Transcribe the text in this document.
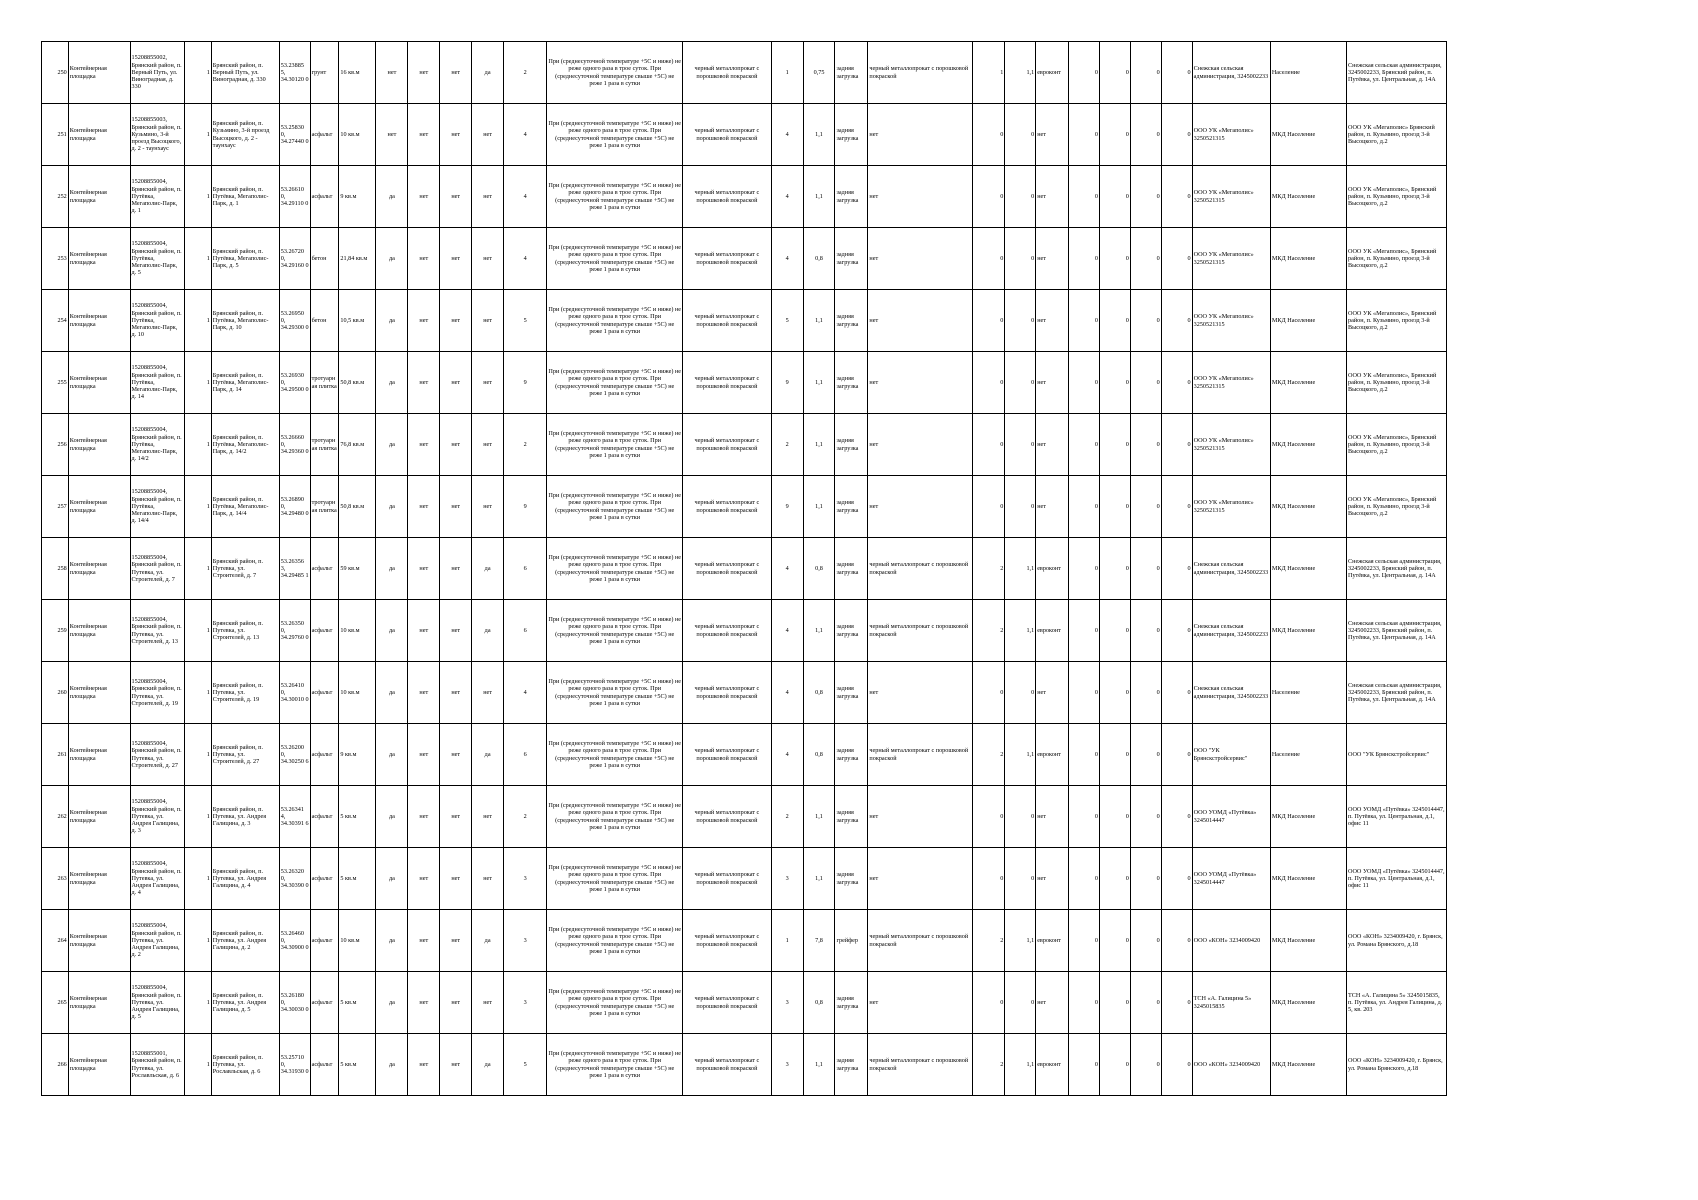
250	Контейнерная площадка	15208855002, Брянский район, п. Верный Путь, ул. Виноградная, д. 330	1	Брянский район, п. Верный Путь, ул. Виноградная, д. 330	53.23885 5, 34.30120 0	грунт	16 кв.м	нет	нет	нет	да	2	При (среднесуточной температуре +5С и ниже) не реже одного раза в трое суток. При (среднесуточной температуре свыше +5С) не реже 1 раза в сутки	черный металлопрокат с порошковой покраской	1	0,75	задняя загрузка	черный металлопрокат с порошковой покраской	1	1,1	евроконт	0	0	0	0	Снежская сельская администрация, 3245002233	Население	Снежская сельская администрация, 3245002233, Брянский район, п. Путёвка, ул. Центральная, д. 14А
251	Контейнерная площадка	15208855003, Брянский район, п. Кузьмино, 3-й проезд Высоцкого, д. 2 - таунхаус	1	Брянский район, п. Кузьмино, 3-й проезд Высоцкого, д. 2 - таунхаус	53.25830 0, 34.27440 0	асфальт	10 кв.м	нет	нет	нет	нет	4	При (среднесуточной температуре +5С и ниже) не реже одного раза в трое суток. При (среднесуточной температуре свыше +5С) не реже 1 раза в сутки	черный металлопрокат с порошковой покраской	4	1,1	задняя загрузка	нет	0	0	нет	0	0	0	0	ООО УК «Мегаполис» 3250521315	МКД Население	ООО УК «Мегаполис» Брянский район, п. Кузьмино, проезд 3-й Высоцкого, д.2
252	Контейнерная площадка	15208855004, Брянский район, п. Путёвка, Мегаполис-Парк, д. 1	1	Брянский район, п. Путёвка, Мегаполис-Парк, д. 1	53.26610 0, 34.29110 0	асфальт	9 кв.м	да	нет	нет	нет	4	При (среднесуточной температуре +5С и ниже) не реже одного раза в трое суток. При (среднесуточной температуре свыше +5С) не реже 1 раза в сутки	черный металлопрокат с порошковой покраской	4	1,1	задняя загрузка	нет	0	0	нет	0	0	0	0	ООО УК «Мегаполис» 3250521315	МКД Население	ООО УК «Мегаполис», Брянский район, п. Кузьмино, проезд 3-й Высоцкого, д.2
253	Контейнерная площадка	15208855004, Брянский район, п. Путёвка, Мегаполис-Парк, д. 5	1	Брянский район, п. Путёвка, Мегаполис-Парк, д. 5	53.26720 0, 34.29160 0	бетон	21,84 кв.м	да	нет	нет	нет	4	При (среднесуточной температуре +5С и ниже) не реже одного раза в трое суток. При (среднесуточной температуре свыше +5С) не реже 1 раза в сутки	черный металлопрокат с порошковой покраской	4	0,8	задняя загрузка	нет	0	0	нет	0	0	0	0	ООО УК «Мегаполис» 3250521315	МКД Население	ООО УК «Мегаполис», Брянский район, п. Кузьмино, проезд 3-й Высоцкого, д.2
254	Контейнерная площадка	15208855004, Брянский район, п. Путёвка, Мегаполис-Парк, д. 10	1	Брянский район, п. Путёвка, Мегаполис-Парк, д. 10	53.26950 0, 34.29300 0	бетон	10,5 кв.м	да	нет	нет	нет	5	При (среднесуточной температуре +5С и ниже) не реже одного раза в трое суток. При (среднесуточной температуре свыше +5С) не реже 1 раза в сутки	черный металлопрокат с порошковой покраской	5	1,1	задняя загрузка	нет	0	0	нет	0	0	0	0	ООО УК «Мегаполис» 3250521315	МКД Население	ООО УК «Мегаполис», Брянский район, п. Кузьмино, проезд 3-й Высоцкого, д.2
255	Контейнерная площадка	15208855004, Брянский район, п. Путёвка, Мегаполис-Парк, д. 14	1	Брянский район, п. Путёвка, Мегаполис-Парк, д. 14	53.26930 0, 34.29500 0	тротуарная плитка	50,8 кв.м	да	нет	нет	нет	9	При (среднесуточной температуре +5С и ниже) не реже одного раза в трое суток. При (среднесуточной температуре свыше +5С) не реже 1 раза в сутки	черный металлопрокат с порошковой покраской	9	1,1	задняя загрузка	нет	0	0	нет	0	0	0	0	ООО УК «Мегаполис» 3250521315	МКД Население	ООО УК «Мегаполис», Брянский район, п. Кузьмино, проезд 3-й Высоцкого, д.2
256	Контейнерная площадка	15208855004, Брянский район, п. Путёвка, Мегаполис-Парк, д. 14/2	1	Брянский район, п. Путёвка, Мегаполис-Парк, д. 14/2	53.26660 0, 34.29360 0	тротуарная плитка	76,8 кв.м	да	нет	нет	нет	2	При (среднесуточной температуре +5С и ниже) не реже одного раза в трое суток. При (среднесуточной температуре свыше +5С) не реже 1 раза в сутки	черный металлопрокат с порошковой покраской	2	1,1	задняя загрузка	нет	0	0	нет	0	0	0	0	ООО УК «Мегаполис» 3250521315	МКД Население	ООО УК «Мегаполис», Брянский район, п. Кузьмино, проезд 3-й Высоцкого, д.2
257	Контейнерная площадка	15208855004, Брянский район, п. Путёвка, Мегаполис-Парк, д. 14/4	1	Брянский район, п. Путёвка, Мегаполис-Парк, д. 14/4	53.26890 0, 34.29480 0	тротуарная плитка	50,8 кв.м	да	нет	нет	нет	9	При (среднесуточной температуре +5С и ниже) не реже одного раза в трое суток. При (среднесуточной температуре свыше +5С) не реже 1 раза в сутки	черный металлопрокат с порошковой покраской	9	1,1	задняя загрузка	нет	0	0	нет	0	0	0	0	ООО УК «Мегаполис» 3250521315	МКД Население	ООО УК «Мегаполис», Брянский район, п. Кузьмино, проезд 3-й Высоцкого, д.2
258	Контейнерная площадка	15208855004, Брянский район, п. Путевка, ул. Строителей, д. 7	1	Брянский район, п. Путевка, ул. Строителей, д. 7	53.26356 3, 34.29485 1	асфальт	59 кв.м	да	нет	нет	да	6	При (среднесуточной температуре +5С и ниже) не реже одного раза в трое суток. При (среднесуточной температуре свыше +5С) не реже 1 раза в сутки	черный металлопрокат с порошковой покраской	4	0,8	задняя загрузка	черный металлопрокат с порошковой покраской	2	1,1	евроконт	0	0	0	0	Снежская сельская администрация, 3245002233	МКД Население	Снежская сельская администрация, 3245002233, Брянский район, п. Путёвка, ул. Центральная, д. 14А
259	Контейнерная площадка	15208855004, Брянский район, п. Путевка, ул. Строителей, д. 13	1	Брянский район, п. Путевка, ул. Строителей, д. 13	53.26350 0, 34.29760 0	асфальт	10 кв.м	да	нет	нет	да	6	При (среднесуточной температуре +5С и ниже) не реже одного раза в трое суток. При (среднесуточной температуре свыше +5С) не реже 1 раза в сутки	черный металлопрокат с порошковой покраской	4	1,1	задняя загрузка	черный металлопрокат с порошковой покраской	2	1,1	евроконт	0	0	0	0	Снежская сельская администрация, 3245002233	МКД Население	Снежская сельская администрация, 3245002233, Брянский район, п. Путёвка, ул. Центральная, д. 14А
260	Контейнерная площадка	15208855004, Брянский район, п. Путевка, ул. Строителей, д. 19	1	Брянский район, п. Путевка, ул. Строителей, д. 19	53.26410 0, 34.30010 0	асфальт	10 кв.м	да	нет	нет	нет	4	При (среднесуточной температуре +5С и ниже) не реже одного раза в трое суток. При (среднесуточной температуре свыше +5С) не реже 1 раза в сутки	черный металлопрокат с порошковой покраской	4	0,8	задняя загрузка	нет	0	0	нет	0	0	0	0	Снежская сельская администрация, 3245002233	Население	Снежская сельская администрация, 3245002233, Брянский район, п. Путёвка, ул. Центральная, д. 14А
261	Контейнерная площадка	15208855004, Брянский район, п. Путевка, ул. Строителей, д. 27	1	Брянский район, п. Путевка, ул. Строителей, д. 27	53.26200 0, 34.30250 6	асфальт	9 кв.м	да	нет	нет	да	6	При (среднесуточной температуре +5С и ниже) не реже одного раза в трое суток. При (среднесуточной температуре свыше +5С) не реже 1 раза в сутки	черный металлопрокат с порошковой покраской	4	0,8	задняя загрузка	черный металлопрокат с порошковой покраской	2	1,1	евроконт	0	0	0	0	ООО "УК Брянскстройсервис"	Население	ООО "УК Брянскстройсервис"
262	Контейнерная площадка	15208855004, Брянский район, п. Путевка, ул. Андрея Галицина, д. 3	1	Брянский район, п. Путевка, ул. Андрея Галицина, д. 3	53.26341 4, 34.30391 6	асфальт	5 кв.м	да	нет	нет	нет	2	При (среднесуточной температуре +5С и ниже) не реже одного раза в трое суток. При (среднесуточной температуре свыше +5С) не реже 1 раза в сутки	черный металлопрокат с порошковой покраской	2	1,1	задняя загрузка	нет	0	0	нет	0	0	0	0	ООО УОМД «Путёвка» 3245014447	МКД Население	ООО УОМД «Путёвка» 3245014447, п. Путёвка, ул. Центральная, д.1, офис 11
263	Контейнерная площадка	15208855004, Брянский район, п. Путевка, ул. Андрея Галицина, д. 4	1	Брянский район, п. Путевка, ул. Андрея Галицина, д. 4	53.26320 0, 34.30390 0	асфальт	5 кв.м	да	нет	нет	нет	3	При (среднесуточной температуре +5С и ниже) не реже одного раза в трое суток. При (среднесуточной температуре свыше +5С) не реже 1 раза в сутки	черный металлопрокат с порошковой покраской	3	1,1	задняя загрузка	нет	0	0	нет	0	0	0	0	ООО УОМД «Путёвка» 3245014447	МКД Население	ООО УОМД «Путёвка» 3245014447, п. Путёвка, ул. Центральная, д.1, офис 11
264	Контейнерная площадка	15208855004, Брянский район, п. Путевка, ул. Андрея Галицина, д. 2	1	Брянский район, п. Путевка, ул. Андрея Галицина, д. 2	53.26460 0, 34.30900 0	асфальт	10 кв.м	да	нет	нет	да	3	При (среднесуточной температуре +5С и ниже) не реже одного раза в трое суток. При (среднесуточной температуре свыше +5С) не реже 1 раза в сутки	черный металлопрокат с порошковой покраской	1	7,8	грейфер	черный металлопрокат с порошковой покраской	2	1,1	евроконт	0	0	0	0	ООО «КОН» 3234009420	МКД Население	ООО «КОН» 3234009420, г. Брянск, ул. Романа Брянского, д.18
265	Контейнерная площадка	15208855004, Брянский район, п. Путевка, ул. Андрея Галицина, д. 5	1	Брянский район, п. Путевка, ул. Андрея Галицина, д. 5	53.26180 0, 34.30030 0	асфальт	5 кв.м	да	нет	нет	нет	3	При (среднесуточной температуре +5С и ниже) не реже одного раза в трое суток. При (среднесуточной температуре свыше +5С) не реже 1 раза в сутки	черный металлопрокат с порошковой покраской	3	0,8	задняя загрузка	нет	0	0	нет	0	0	0	0	ТСН «А. Галицина 5» 3245015835	МКД Население	ТСН «А. Галицина 5» 3245015835, п. Путёвка, ул. Андрея Галицина, д. 5, кв. 203
266	Контейнерная площадка	15208855001, Брянский район, п. Путевка, ул. Рославльская, д. 6	1	Брянский район, п. Путевка, ул. Рославльская, д. 6	53.25710 0, 34.31930 0	асфальт	5 кв.м	да	нет	нет	да	5	При (среднесуточной температуре +5С и ниже) не реже одного раза в трое суток. При (среднесуточной температуре свыше +5С) не реже 1 раза в сутки	черный металлопрокат с порошковой покраской	3	1,1	задняя загрузка	черный металлопрокат с порошковой покраской	2	1,1	евроконт	0	0	0	0	ООО «КОН» 3234009420	МКД Население	ООО «КОН» 3234009420, г. Брянск, ул. Романа Брянского, д.18
